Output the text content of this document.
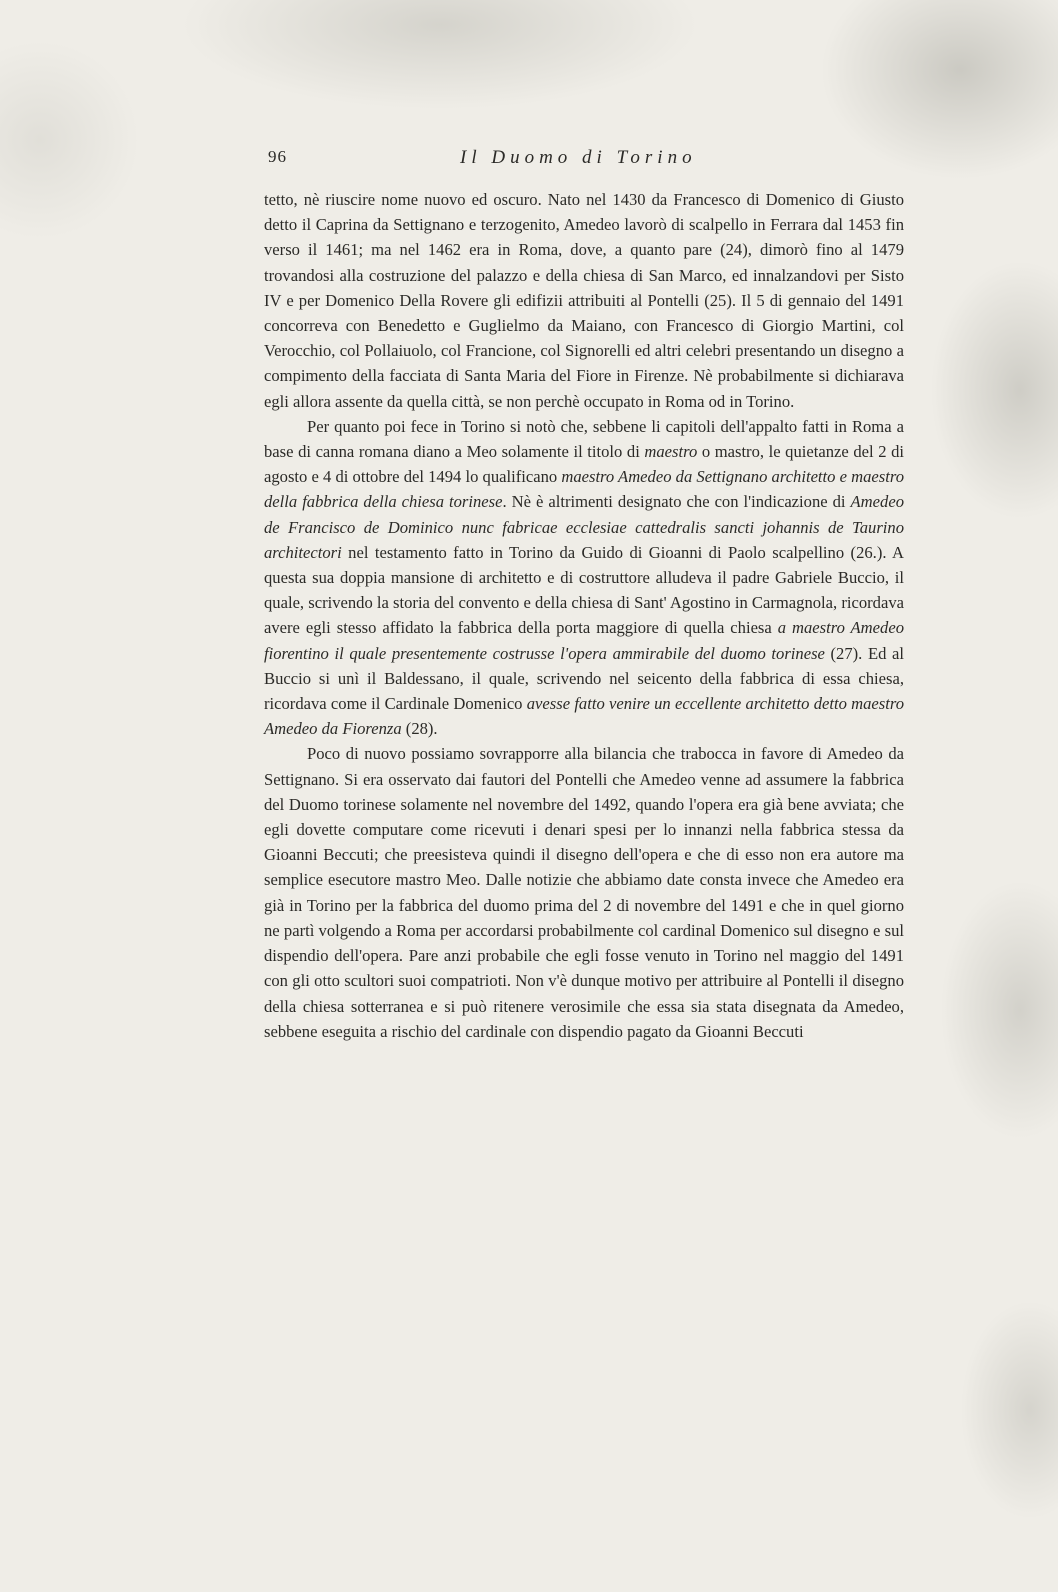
96	Il Duomo di Torino

tetto, nè riuscire nome nuovo ed oscuro. Nato nel 1430 da Francesco di Domenico di Giusto detto il Caprina da Settignano e terzogenito, Amedeo lavorò di scalpello in Ferrara dal 1453 fin verso il 1461; ma nel 1462 era in Roma, dove, a quanto pare (24), dimorò fino al 1479 trovandosi alla costruzione del palazzo e della chiesa di San Marco, ed innalzandovi per Sisto IV e per Domenico Della Rovere gli edifizii attribuiti al Pontelli (25). Il 5 di gennaio del 1491 concorreva con Benedetto e Guglielmo da Maiano, con Francesco di Giorgio Martini, col Verocchio, col Pollaiuolo, col Francione, col Signorelli ed altri celebri presentando un disegno a compimento della facciata di Santa Maria del Fiore in Firenze. Nè probabilmente si dichiarava egli allora assente da quella città, se non perchè occupato in Roma od in Torino.

Per quanto poi fece in Torino si notò che, sebbene li capitoli dell'appalto fatti in Roma a base di canna romana diano a Meo solamente il titolo di maestro o mastro, le quietanze del 2 di agosto e 4 di ottobre del 1494 lo qualificano maestro Amedeo da Settignano architetto e maestro della fabbrica della chiesa torinese. Nè è altrimenti designato che con l'indicazione di Amedeo de Francisco de Dominico nunc fabricae ecclesiae cattedralis sancti johannis de Taurino architectori nel testamento fatto in Torino da Guido di Gioanni di Paolo scalpellino (26.). A questa sua doppia mansione di architetto e di costruttore alludeva il padre Gabriele Buccio, il quale, scrivendo la storia del convento e della chiesa di Sant' Agostino in Carmagnola, ricordava avere egli stesso affidato la fabbrica della porta maggiore di quella chiesa a maestro Amedeo fiorentino il quale presentemente costrusse l'opera ammirabile del duomo torinese (27). Ed al Buccio si unì il Baldessano, il quale, scrivendo nel seicento della fabbrica di essa chiesa, ricordava come il Cardinale Domenico avesse fatto venire un eccellente architetto detto maestro Amedeo da Fiorenza (28).

Poco di nuovo possiamo sovrapporre alla bilancia che trabocca in favore di Amedeo da Settignano. Si era osservato dai fautori del Pontelli che Amedeo venne ad assumere la fabbrica del Duomo torinese solamente nel novembre del 1492, quando l'opera era già bene avviata; che egli dovette computare come ricevuti i denari spesi per lo innanzi nella fabbrica stessa da Gioanni Beccuti; che preesisteva quindi il disegno dell'opera e che di esso non era autore ma semplice esecutore mastro Meo. Dalle notizie che abbiamo date consta invece che Amedeo era già in Torino per la fabbrica del duomo prima del 2 di novembre del 1491 e che in quel giorno ne partì volgendo a Roma per accordarsi probabilmente col cardinal Domenico sul disegno e sul dispendio dell'opera. Pare anzi probabile che egli fosse venuto in Torino nel maggio del 1491 con gli otto scultori suoi compatrioti. Non v'è dunque motivo per attribuire al Pontelli il disegno della chiesa sotterranea e si può ritenere verosimile che essa sia stata disegnata da Amedeo, sebbene eseguita a rischio del cardinale con dispendio pagato da Gioanni Beccuti
